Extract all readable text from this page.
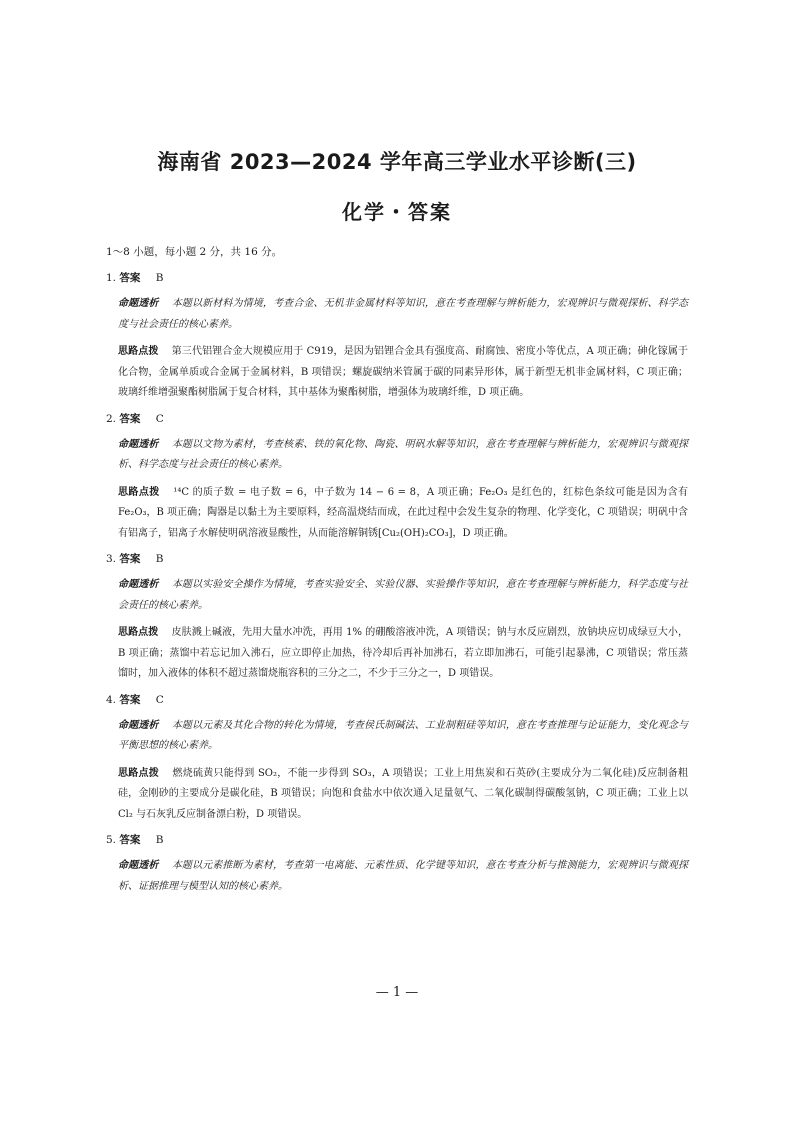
海南省 2023—2024 学年高三学业水平诊断(三)
化学・答案
1～8 小题，每小题 2 分，共 16 分。
1. 答案 B
命题透析 本题以新材料为情境，考查合金、无机非金属材料等知识，意在考查理解与辨析能力，宏观辨识与微观探析、科学态度与社会责任的核心素养。
思路点拨 第三代铝锂合金大规模应用于 C919，是因为铝锂合金具有强度高、耐腐蚀、密度小等优点，A 项正确；砷化镓属于化合物，金属单质或合金属于金属材料，B 项错误；螺旋碳纳米管属于碳的同素异形体，属于新型无机非金属材料，C 项正确；玻璃纤维增强聚酯树脂属于复合材料，其中基体为聚酯树脂，增强体为玻璃纤维，D 项正确。
2. 答案 C
命题透析 本题以文物为素材，考查核素、铁的氧化物、陶瓷、明矾水解等知识，意在考查理解与辨析能力，宏观辨识与微观探析、科学态度与社会责任的核心素养。
思路点拨 ¹⁴C 的质子数 = 电子数 = 6，中子数为 14 − 6 = 8，A 项正确；Fe₂O₃ 是红色的，红棕色条纹可能是因为含有 Fe₂O₃，B 项正确；陶器是以黏土为主要原料，经高温烧结而成，在此过程中会发生复杂的物理、化学变化，C 项错误；明矾中含有铝离子，铝离子水解使明矾溶液显酸性，从而能溶解铜锈[Cu₂(OH)₂CO₃]，D 项正确。
3. 答案 B
命题透析 本题以实验安全操作为情境，考查实验安全、实验仪器、实验操作等知识，意在考查理解与辨析能力，科学态度与社会责任的核心素养。
思路点拨 皮肤溅上碱液，先用大量水冲洗，再用 1% 的硼酸溶液冲洗，A 项错误；钠与水反应剧烈，放钠块应切成绿豆大小，B 项正确；蒸馏中若忘记加入沸石，应立即停止加热，待冷却后再补加沸石，若立即加沸石，可能引起暴沸，C 项错误；常压蒸馏时，加入液体的体积不超过蒸馏烧瓶容积的三分之二，不少于三分之一，D 项错误。
4. 答案 C
命题透析 本题以元素及其化合物的转化为情境，考查侯氏制碱法、工业制粗硅等知识，意在考查推理与论证能力，变化观念与平衡思想的核心素养。
思路点拨 燃烧硫黄只能得到 SO₂，不能一步得到 SO₃，A 项错误；工业上用焦炭和石英砂(主要成分为二氧化硅)反应制备粗硅，金刚砂的主要成分是碳化硅，B 项错误；向饱和食盐水中依次通入足量氨气、二氧化碳制得碳酸氢钠，C 项正确；工业上以 Cl₂ 与石灰乳反应制备漂白粉，D 项错误。
5. 答案 B
命题透析 本题以元素推断为素材，考查第一电离能、元素性质、化学键等知识，意在考查分析与推测能力，宏观辨识与微观探析、证据推理与模型认知的核心素养。
— 1 —
